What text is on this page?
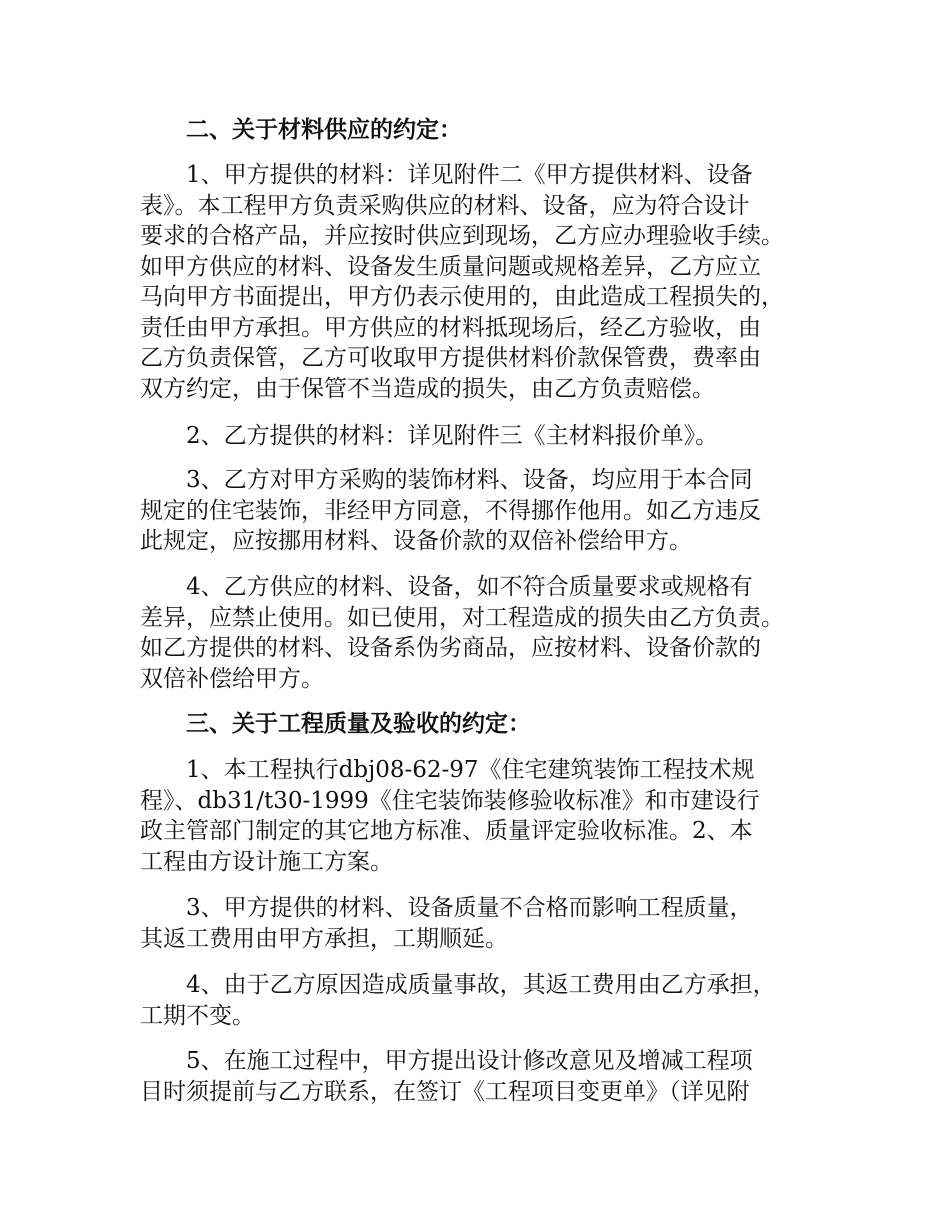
二、关于材料供应的约定：
1、甲方提供的材料：详见附件二《甲方提供材料、设备
表》。本工程甲方负责采购供应的材料、设备，应为符合设计
要求的合格产品，并应按时供应到现场，乙方应办理验收手续。
如甲方供应的材料、设备发生质量问题或规格差异，乙方应立
马向甲方书面提出，甲方仍表示使用的，由此造成工程损失的，
责任由甲方承担。甲方供应的材料抵现场后，经乙方验收，由
乙方负责保管，乙方可收取甲方提供材料价款保管费，费率由
双方约定，由于保管不当造成的损失，由乙方负责赔偿。
2、乙方提供的材料：详见附件三《主材料报价单》。
3、乙方对甲方采购的装饰材料、设备，均应用于本合同
规定的住宅装饰，非经甲方同意，不得挪作他用。如乙方违反
此规定，应按挪用材料、设备价款的双倍补偿给甲方。
4、乙方供应的材料、设备，如不符合质量要求或规格有
差异，应禁止使用。如已使用，对工程造成的损失由乙方负责。
如乙方提供的材料、设备系伪劣商品，应按材料、设备价款的
双倍补偿给甲方。
三、关于工程质量及验收的约定：
1、本工程执行dbj08-62-97《住宅建筑装饰工程技术规
程》、db31/t30-1999《住宅装饰装修验收标准》和市建设行
政主管部门制定的其它地方标准、质量评定验收标准。2、本
工程由方设计施工方案。
3、甲方提供的材料、设备质量不合格而影响工程质量，
其返工费用由甲方承担，工期顺延。
4、由于乙方原因造成质量事故，其返工费用由乙方承担，
工期不变。
5、在施工过程中，甲方提出设计修改意见及增减工程项
目时须提前与乙方联系，在签订《工程项目变更单》（详见附
